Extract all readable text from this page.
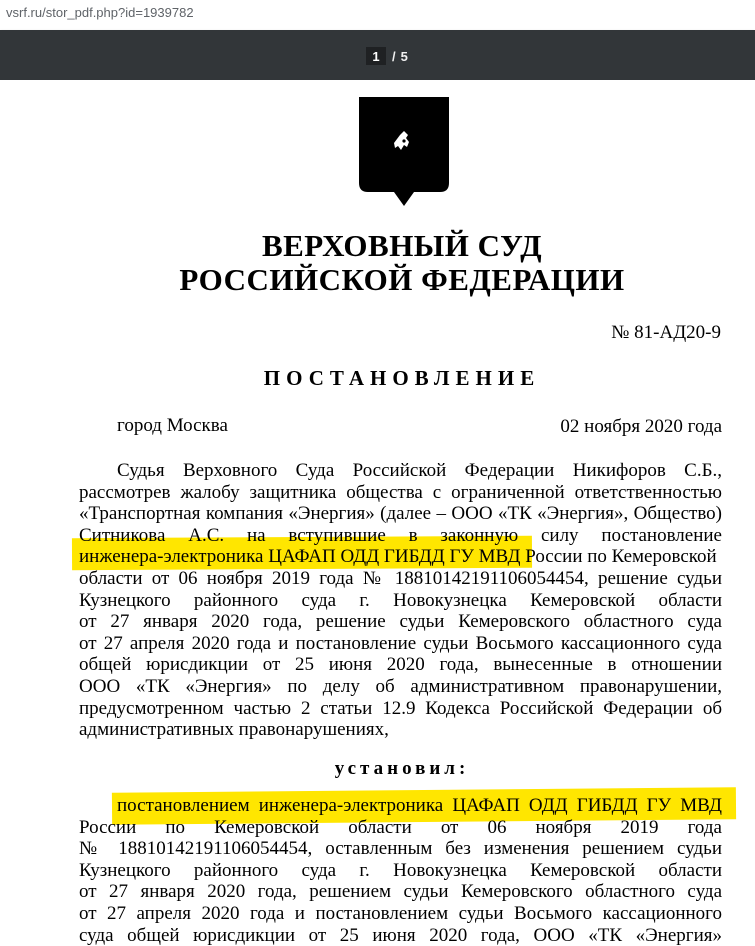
vsrf.ru/stor_pdf.php?id=1939782
1
/ 5
ВЕРХОВНЫЙ СУД
РОССИЙСКОЙ ФЕДЕРАЦИИ
№ 81-АД20-9
ПОСТАНОВЛЕНИЕ
город Москва	02 ноября 2020 года
Судья Верховного Суда Российской Федерации Никифоров С.Б.,
рассмотрев жалобу защитника общества с ограниченной ответственностью
«Транспортная компания «Энергия» (далее – ООО «ТК «Энергия», Общество)
Ситникова А.С. на вступившие в законную силу постановление
инженера-электроника ЦАФАП ОДД ГИБДД ГУ МВД России по Кемеровской
области от 06 ноября 2019 года № 18810142191106054454, решение судьи
Кузнецкого районного суда г. Новокузнецка Кемеровской области
от 27 января 2020 года, решение судьи Кемеровского областного суда
от 27 апреля 2020 года и постановление судьи Восьмого кассационного суда
общей юрисдикции от 25 июня 2020 года, вынесенные в отношении
ООО «ТК «Энергия» по делу об административном правонарушении,
предусмотренном частью 2 статьи 12.9 Кодекса Российской Федерации об
административных правонарушениях,
установил:
постановлением инженера-электроника ЦАФАП ОДД ГИБДД ГУ МВД
России по Кемеровской области от 06 ноября 2019 года
№ 18810142191106054454, оставленным без изменения решением судьи
Кузнецкого районного суда г. Новокузнецка Кемеровской области
от 27 января 2020 года, решением судьи Кемеровского областного суда
от 27 апреля 2020 года и постановлением судьи Восьмого кассационного
суда общей юрисдикции от 25 июня 2020 года, ООО «ТК «Энергия»
